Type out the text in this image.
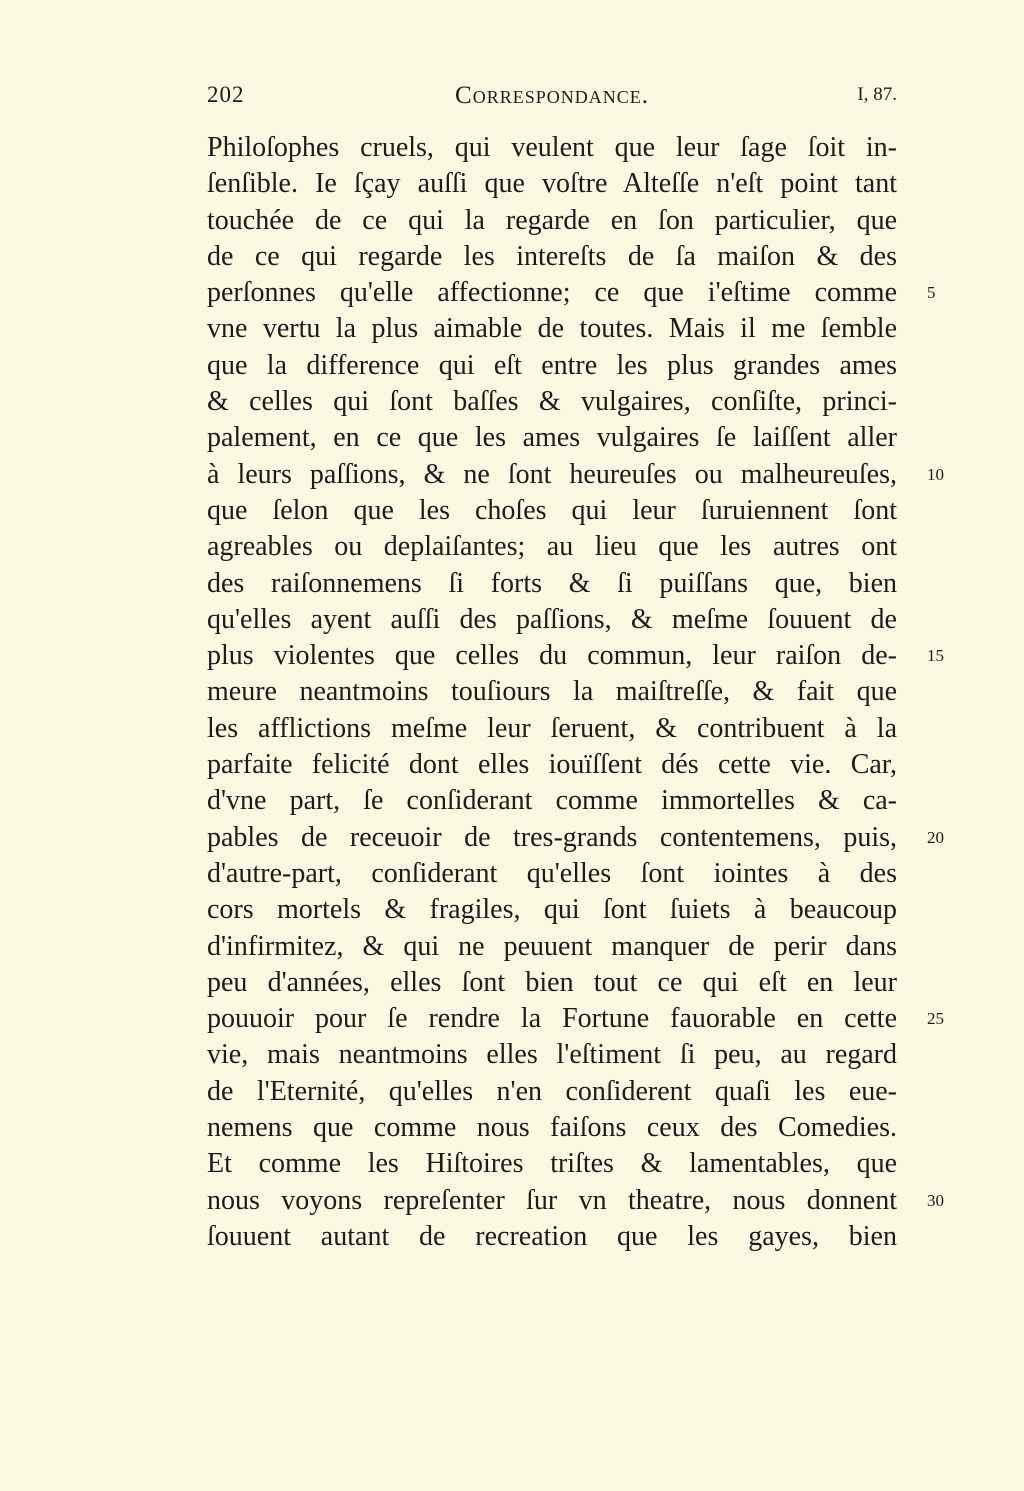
202	Correspondance.	I, 87.
Philoſophes cruels, qui veulent que leur ſage ſoit in-
ſenſible. Ie ſçay auſſi que voſtre Alteſſe n'eſt point tant
touchée de ce qui la regarde en ſon particulier, que
de ce qui regarde les intereſts de ſa maiſon & des
perſonnes qu'elle affectionne; ce que i'eſtime comme
vne vertu la plus aimable de toutes. Mais il me ſemble
que la difference qui eſt entre les plus grandes ames
& celles qui ſont baſſes & vulgaires, conſiſte, princi-
palement, en ce que les ames vulgaires ſe laiſſent aller
à leurs paſſions, & ne ſont heureuſes ou malheureuſes,
que ſelon que les choſes qui leur ſuruiennent ſont
agreables ou deplaiſantes; au lieu que les autres ont
des raiſonnemens ſi forts & ſi puiſſans que, bien
qu'elles ayent auſſi des paſſions, & meſme ſouuent de
plus violentes que celles du commun, leur raiſon de-
meure neantmoins touſiours la maiſtreſſe, & fait que
les afflictions meſme leur ſeruent, & contribuent à la
parfaite felicité dont elles iouïſſent dés cette vie. Car,
d'vne part, ſe conſiderant comme immortelles & ca-
pables de receuoir de tres-grands contentemens, puis,
d'autre-part, conſiderant qu'elles ſont iointes à des
cors mortels & fragiles, qui ſont ſuiets à beaucoup
d'infirmitez, & qui ne peuuent manquer de perir dans
peu d'années, elles ſont bien tout ce qui eſt en leur
pouuoir pour ſe rendre la Fortune fauorable en cette
vie, mais neantmoins elles l'eſtiment ſi peu, au regard
de l'Eternité, qu'elles n'en conſiderent quaſi les eue-
nemens que comme nous faiſons ceux des Comedies.
Et comme les Hiſtoires triſtes & lamentables, que
nous voyons repreſenter ſur vn theatre, nous donnent
ſouuent autant de recreation que les gayes, bien
5
10
15
20
25
30
